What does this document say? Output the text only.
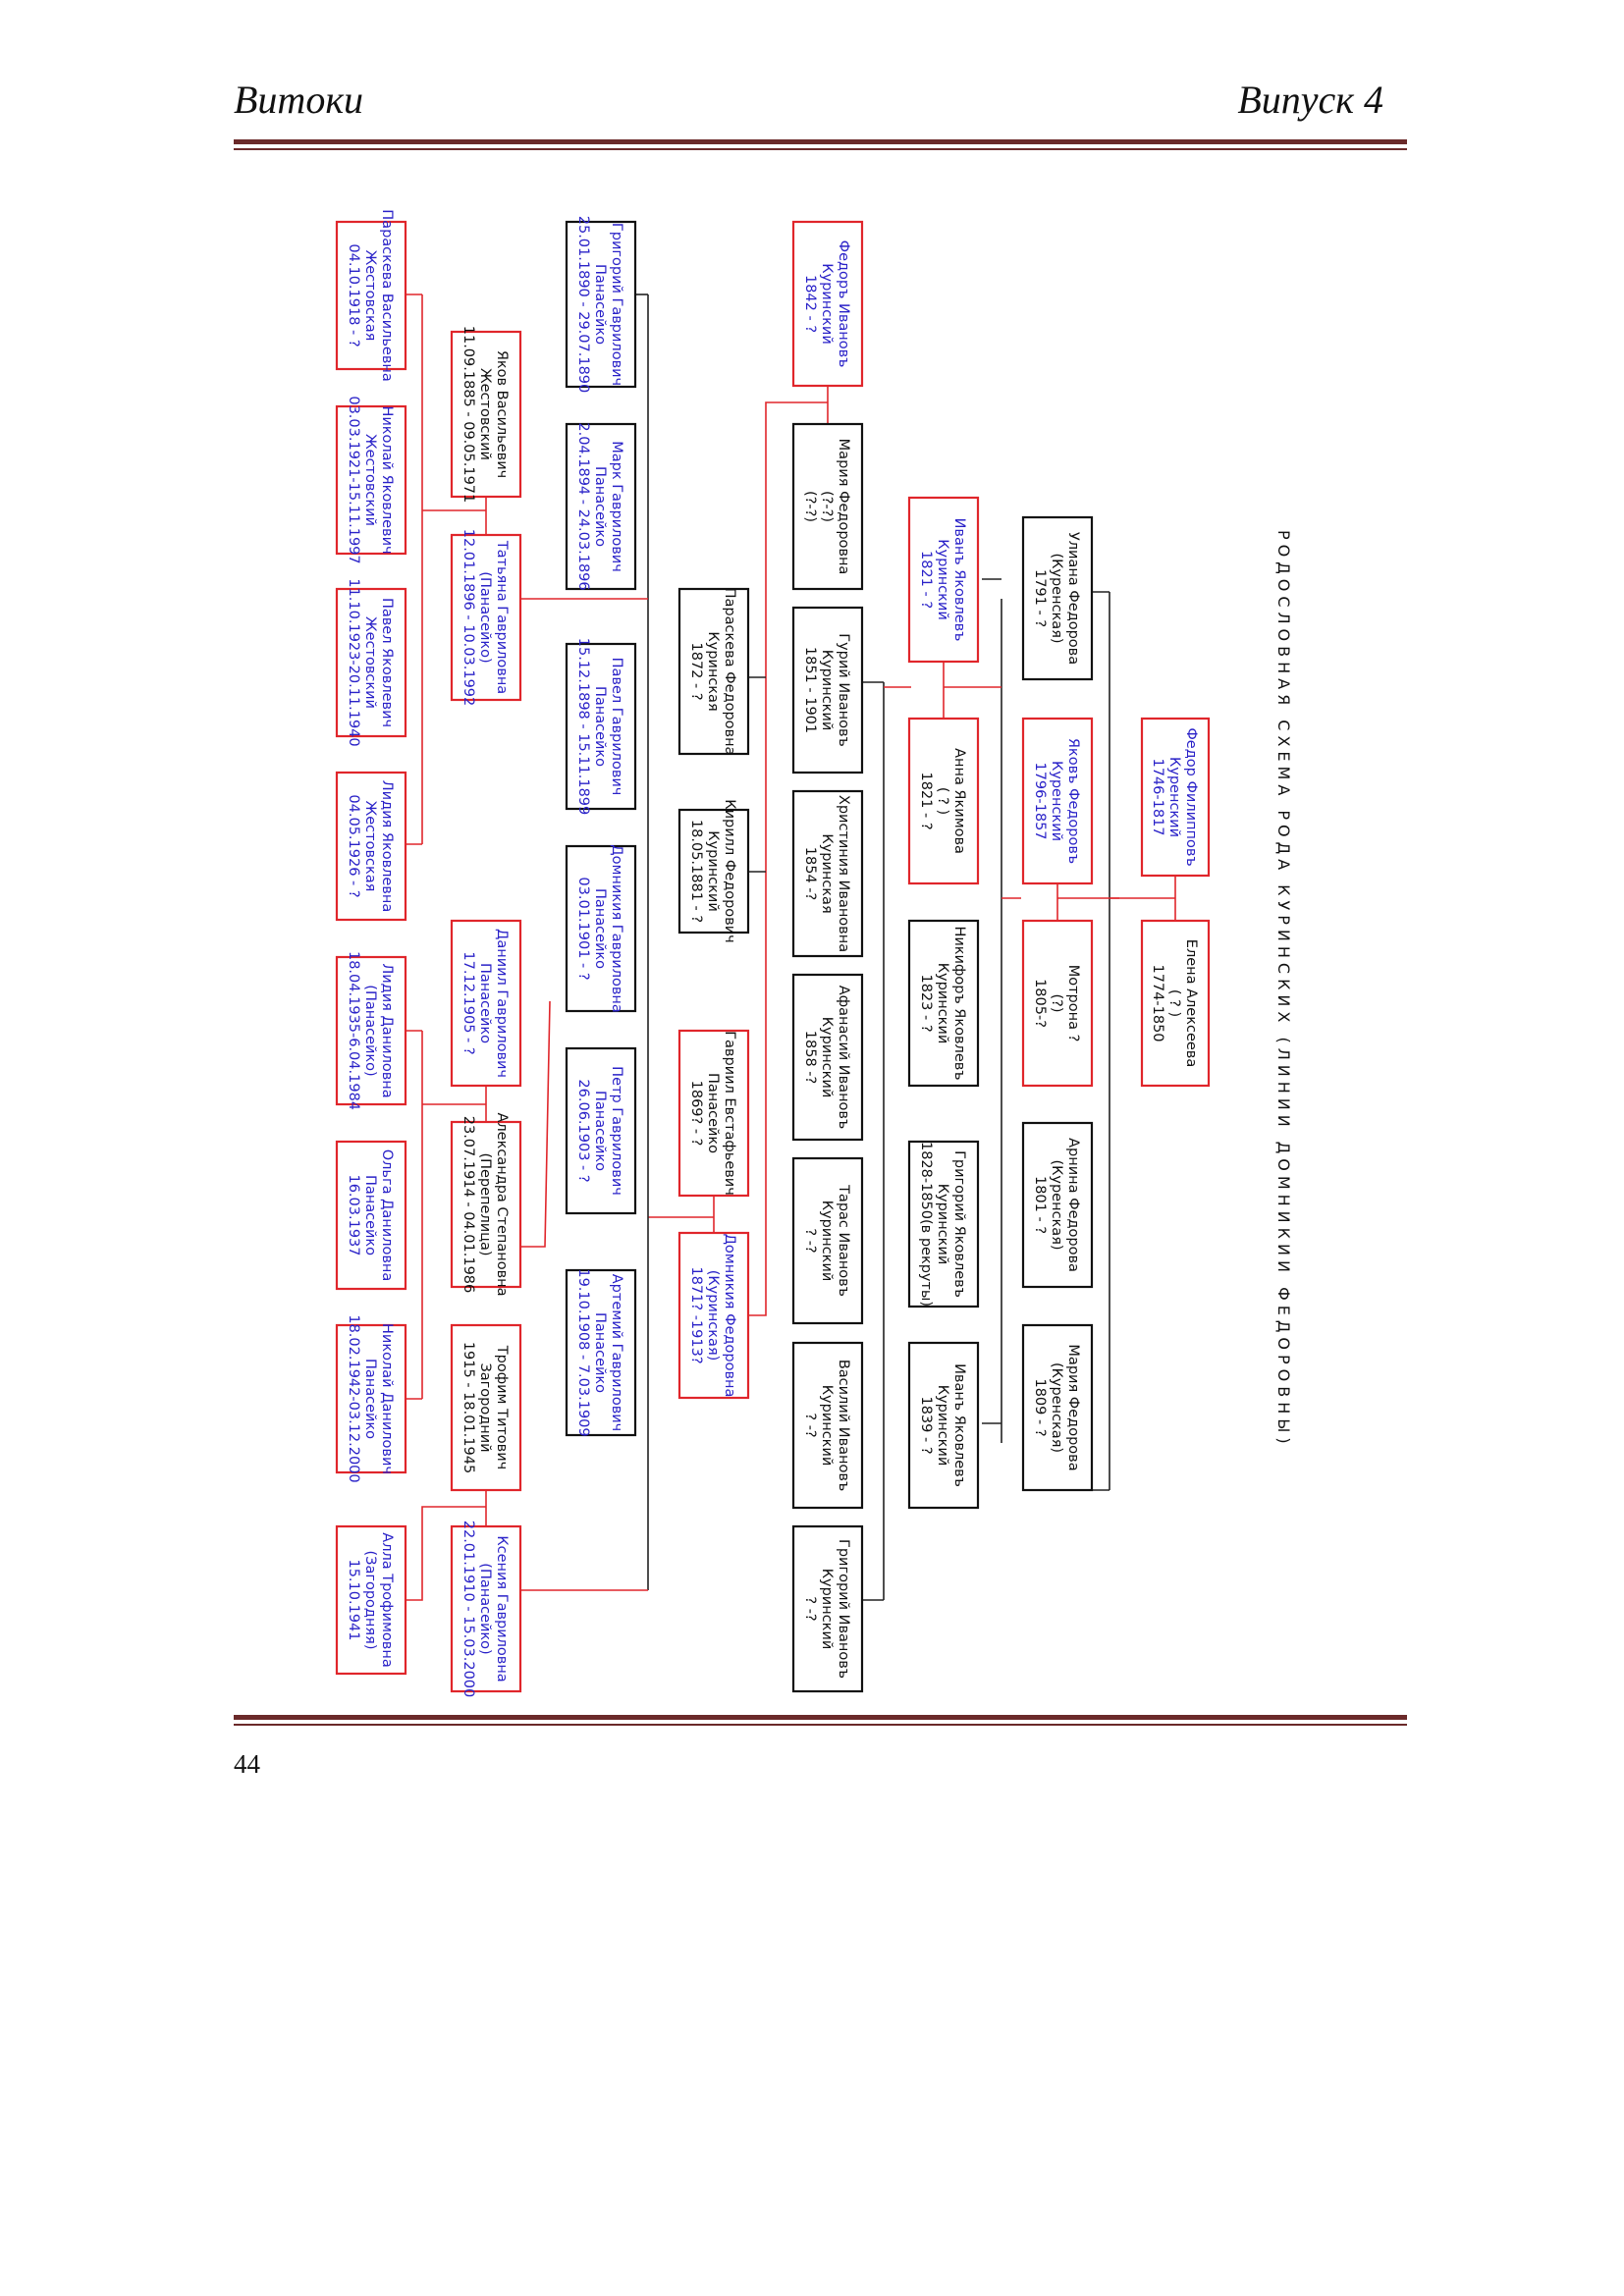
Витоки	Випуск 4
Федор ФилипповъКуренский1746-1817
Елена Алексеева( ? )1774-1850
Улиана Федорова(Куренская)1791 - ?
Яковъ ФедоровъКуренский1796-1857
Мотрона ?(?)1805-?
Арнина Федорова(Куренская)1801 - ?
Мария Федорова(Куренская)1809 - ?
Иванъ ЯковлевъКуринский1821 - ?
Анна Якимова( ? )1821 - ?
Никифоръ ЯковлевъКуринский1823 - ?
Григорий ЯковлевъКуринский1828-1850(в рекруты)
Иванъ ЯковлевъКуринский1839 - ?
Федоръ ИвановъКуринский1842 - ?
Мария Федоровна(?-?)(?-?)
Гурий ИвановъКуринский1851 - 1901
Христиния ИвановнаКуринская1854 -?
Афанасий ИвановъКуринский1858 -?
Тарас ИвановъКуринский? -?
Василий ИвановъКуринский? -?
Григорий ИвановъКуринский? -?
Параскева ФедоровнаКуринская1872 - ?
Кирилл ФедоровичКуринский18.05.1881 - ?
Гавриил ЕвстафьевичПанасейко1869? - ?
Домникия Федоровна(Куринская)1871? -1913?
Григорий ГавриловичПанасейко25.01.1890 - 29.07.1890
Марк ГавриловичПанасейко2.04.1894 - 24.03.1896
Павел ГавриловичПанасейко15.12.1898 - 15.11.1899
Домникия ГавриловнаПанасейко03.01.1901 - ?
Петр ГавриловичПанасейко26.06.1903 - ?
Артемий ГавриловичПанасейко19.10.1908 - 7.03.1909
Яков ВасильевичЖестовский11.09.1885 - 09.05.1971
Татьяна Гавриловна(Панасейко)12.01.1896 - 10.03.1992
Даниил ГавриловичПанасейко17.12.1905 - ?
Александра Степановна(Перепелица)23.07.1914 - 04.01.1986
Трофим ТитовичЗагородний1915 - 18.01.1945
Ксения Гавриловна(Панасейко)22.01.1910 - 15.03.2000
Параскева ВасильевнаЖестовская04.10.1918 - ?
Николай ЯковлевичЖестовский03.03.1921-15.11.1997
Павел ЯковлевичЖестовский11.10.1923-20.11.1940
Лидия ЯковлевнаЖестовская04.05.1926 - ?
Лидия Даниловна(Панасейко)18.04.1935-6.04.1984
Ольга ДаниловнаПанасейко16.03.1937
Николай ДаниловичПанасейко18.02.1942-03.12.2000
Алла Трофимовна(Загородняя)15.10.1941
РОДОСЛОВНАЯ СХЕМА РОДА КУРИНСКИХ (ЛИНИИ ДОМНИКИИ ФЕДОРОВНЫ)
44
